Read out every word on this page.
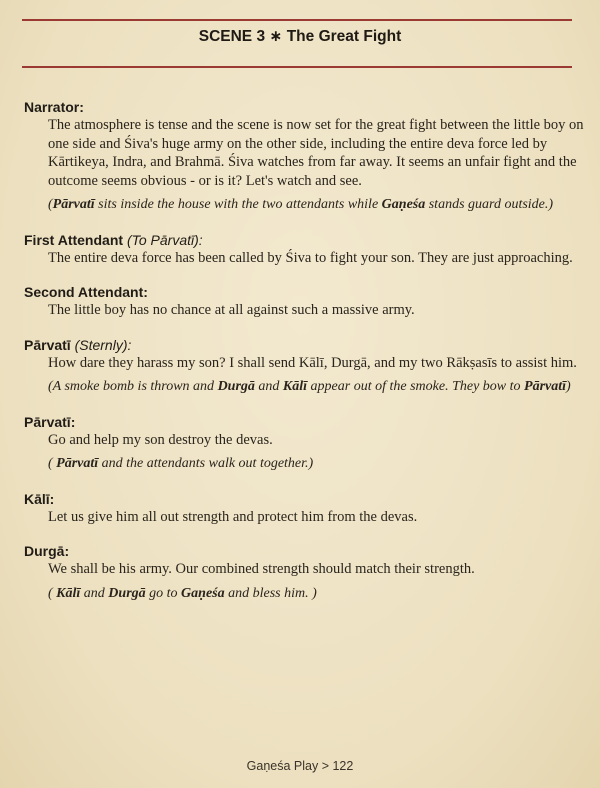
SCENE 3 ∗ The Great Fight
Narrator:
The atmosphere is tense and the scene is now set for the great fight between the little boy on one side and Śiva's huge army on the other side, including the entire deva force led by Kārtikeya, Indra, and Brahmā. Śiva watches from far away. It seems an unfair fight and the outcome seems obvious - or is it? Let's watch and see.
(Pārvatī sits inside the house with the two attendants while Gaṇeśa stands guard outside.)
First Attendant (To Pārvatī):
The entire deva force has been called by Śiva to fight your son. They are just approaching.
Second Attendant:
The little boy has no chance at all against such a massive army.
Pārvatī (Sternly):
How dare they harass my son? I shall send Kālī, Durgā, and my two Rākṣasīs to assist him.
(A smoke bomb is thrown and Durgā and Kālī appear out of the smoke. They bow to Pārvatī)
Pārvatī:
Go and help my son destroy the devas.
( Pārvatī and the attendants walk out together.)
Kālī:
Let us give him all out strength and protect him from the devas.
Durgā:
We shall be his army. Our combined strength should match their strength.
( Kālī and Durgā go to Gaṇeśa and bless him. )
Gaṇeśa Play > 122
